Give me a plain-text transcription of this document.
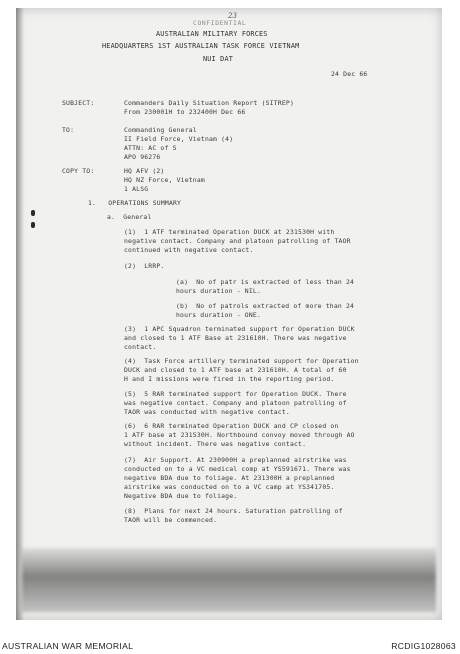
23
CONFIDENTIAL

AUSTRALIAN MILITARY FORCES

HEADQUARTERS 1ST AUSTRALIAN TASK FORCE VIETNAM

NUI DAT

24 Dec 66

SUBJECT:	Commanders Daily Situation Report (SITREP)

From 230001H to 232400H Dec 66

TO:	Commanding General

II Field Force, Vietnam (4)

ATTN: AC of S

APO 96276

COPY TO:	HQ AFV (2)

HQ NZ Force, Vietnam

1 ALSG

1.   OPERATIONS SUMMARY

a.  General

(1)  1 ATF terminated Operation DUCK at 231530H with

negative contact. Company and platoon patrolling of TAOR

continued with negative contact.

(2)  LRRP.

(a)  No of patr is extracted of less than 24

hours duration - NIL.

(b)  No of patrols extracted of more than 24

hours duration - ONE.

(3)  1 APC Squadron terminated support for Operation DUCK

and closed to 1 ATF Base at 231610H. There was negative

contact.

(4)  Task Force artillery terminated support for Operation

DUCK and closed to 1 ATF base at 231610H. A total of 60

H and I missions were fired in the reporting period.

(5)  5 RAR terminated support for Operation DUCK. There

was negative contact. Company and platoon patrolling of

TAOR was conducted with negative contact.

(6)  6 RAR terminated Operation DUCK and CP closed on

1 ATF base at 231530H. Northbound convoy moved through AO

without incident. There was negative contact.

(7)  Air Support. At 230900H a preplanned airstrike was

conducted on to a VC medical comp at YS591671. There was

negative BDA due to foliage. At 231300H a preplanned

airstrike was conducted on to a VC camp at YS341705.

Negative BDA due to foliage.

(8)  Plans for next 24 hours. Saturation patrolling of

TAOR will be commenced.

AUSTRALIAN WAR MEMORIAL	RCDIG1028063
